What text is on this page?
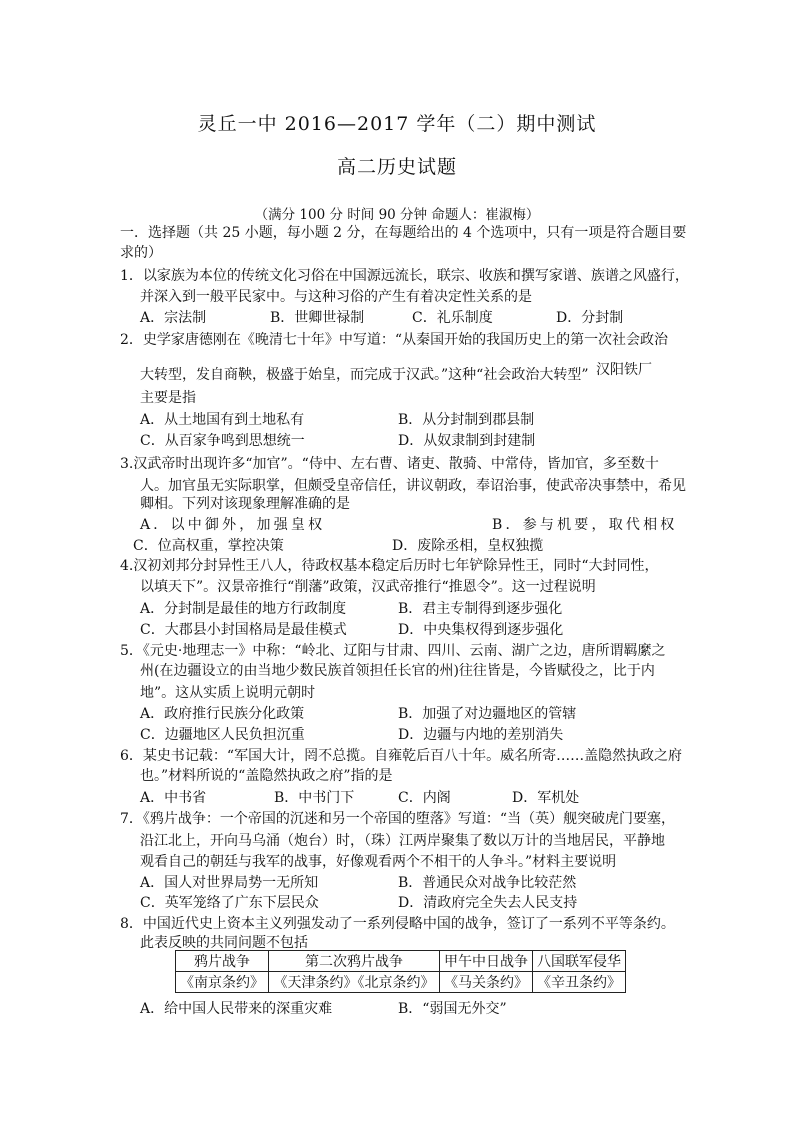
灵丘一中 2016—2017 学年（二）期中测试
高二历史试题
（满分 100 分 时间 90 分钟 命题人：崔淑梅）
一．选择题（共 25 小题，每小题 2 分，在每题给出的 4 个选项中，只有一项是符合题目要
求的）
1．以家族为本位的传统文化习俗在中国源远流长，联宗、收族和撰写家谱、族谱之风盛行，
并深入到一般平民家中。与这种习俗的产生有着决定性关系的是
A．宗法制	B．世卿世禄制	C．礼乐制度	D．分封制
2．史学家唐德刚在《晚清七十年》中写道：“从秦国开始的我国历史上的第一次社会政治
大转型，发自商鞅，极盛于始皇，而完成于汉武。”这种“社会政治大转型” 汉阳铁厂
主要是指
A．从土地国有到土地私有	B．从分封制到郡县制
C．从百家争鸣到思想统一	D．从奴隶制到封建制
3.汉武帝时出现许多“加官”。“侍中、左右曹、诸吏、散骑、中常侍，皆加官，多至数十
人。加官虽无实际职掌，但颇受皇帝信任，讲议朝政，奉诏治事，使武帝决事禁中，希见
卿相。下列对该现象理解准确的是
A．以中御外，加强皇权	B．参与机要，取代相权
C．位高权重，掌控决策	D．废除丞相，皇权独揽
4.汉初刘邦分封异性王八人，待政权基本稳定后历时七年铲除异性王，同时“大封同性，
以填天下”。汉景帝推行“削藩”政策，汉武帝推行“推恩令”。这一过程说明
A．分封制是最佳的地方行政制度	B．君主专制得到逐步强化
C．大郡县小封国格局是最佳模式	D．中央集权得到逐步强化
5．《元史·地理志一》中称：“岭北、辽阳与甘肃、四川、云南、湖广之边，唐所谓羁縻之
州(在边疆设立的由当地少数民族首领担任长官的州)往往皆是，今皆赋役之，比于内
地”。这从实质上说明元朝时
A．政府推行民族分化政策	B．加强了对边疆地区的管辖
C．边疆地区人民负担沉重	D．边疆与内地的差别消失
6．某史书记载：“军国大计，罔不总揽。自雍乾后百八十年。威名所寄……盖隐然执政之府
也。”材料所说的“盖隐然执政之府”指的是
A．中书省	B．中书门下	C．内阁	D．军机处
7．《鸦片战争：一个帝国的沉迷和另一个帝国的堕落》写道：“当（英）舰突破虎门要塞，
沿江北上，开向马乌涌（炮台）时，（珠）江两岸聚集了数以万计的当地居民，平静地
观看自己的朝廷与我军的战事，好像观看两个不相干的人争斗。”材料主要说明
A．国人对世界局势一无所知	B．普通民众对战争比较茫然
C．英军笼络了广东下层民众	D．清政府完全失去人民支持
8．中国近代史上资本主义列强发动了一系列侵略中国的战争，签订了一系列不平等条约。
此表反映的共同问题不包括
鸦片战争	第二次鸦片战争	甲午中日战争	八国联军侵华
《南京条约》	《天津条约》《北京条约》	《马关条约》	《辛丑条约》
A．给中国人民带来的深重灾难	B．“弱国无外交”
